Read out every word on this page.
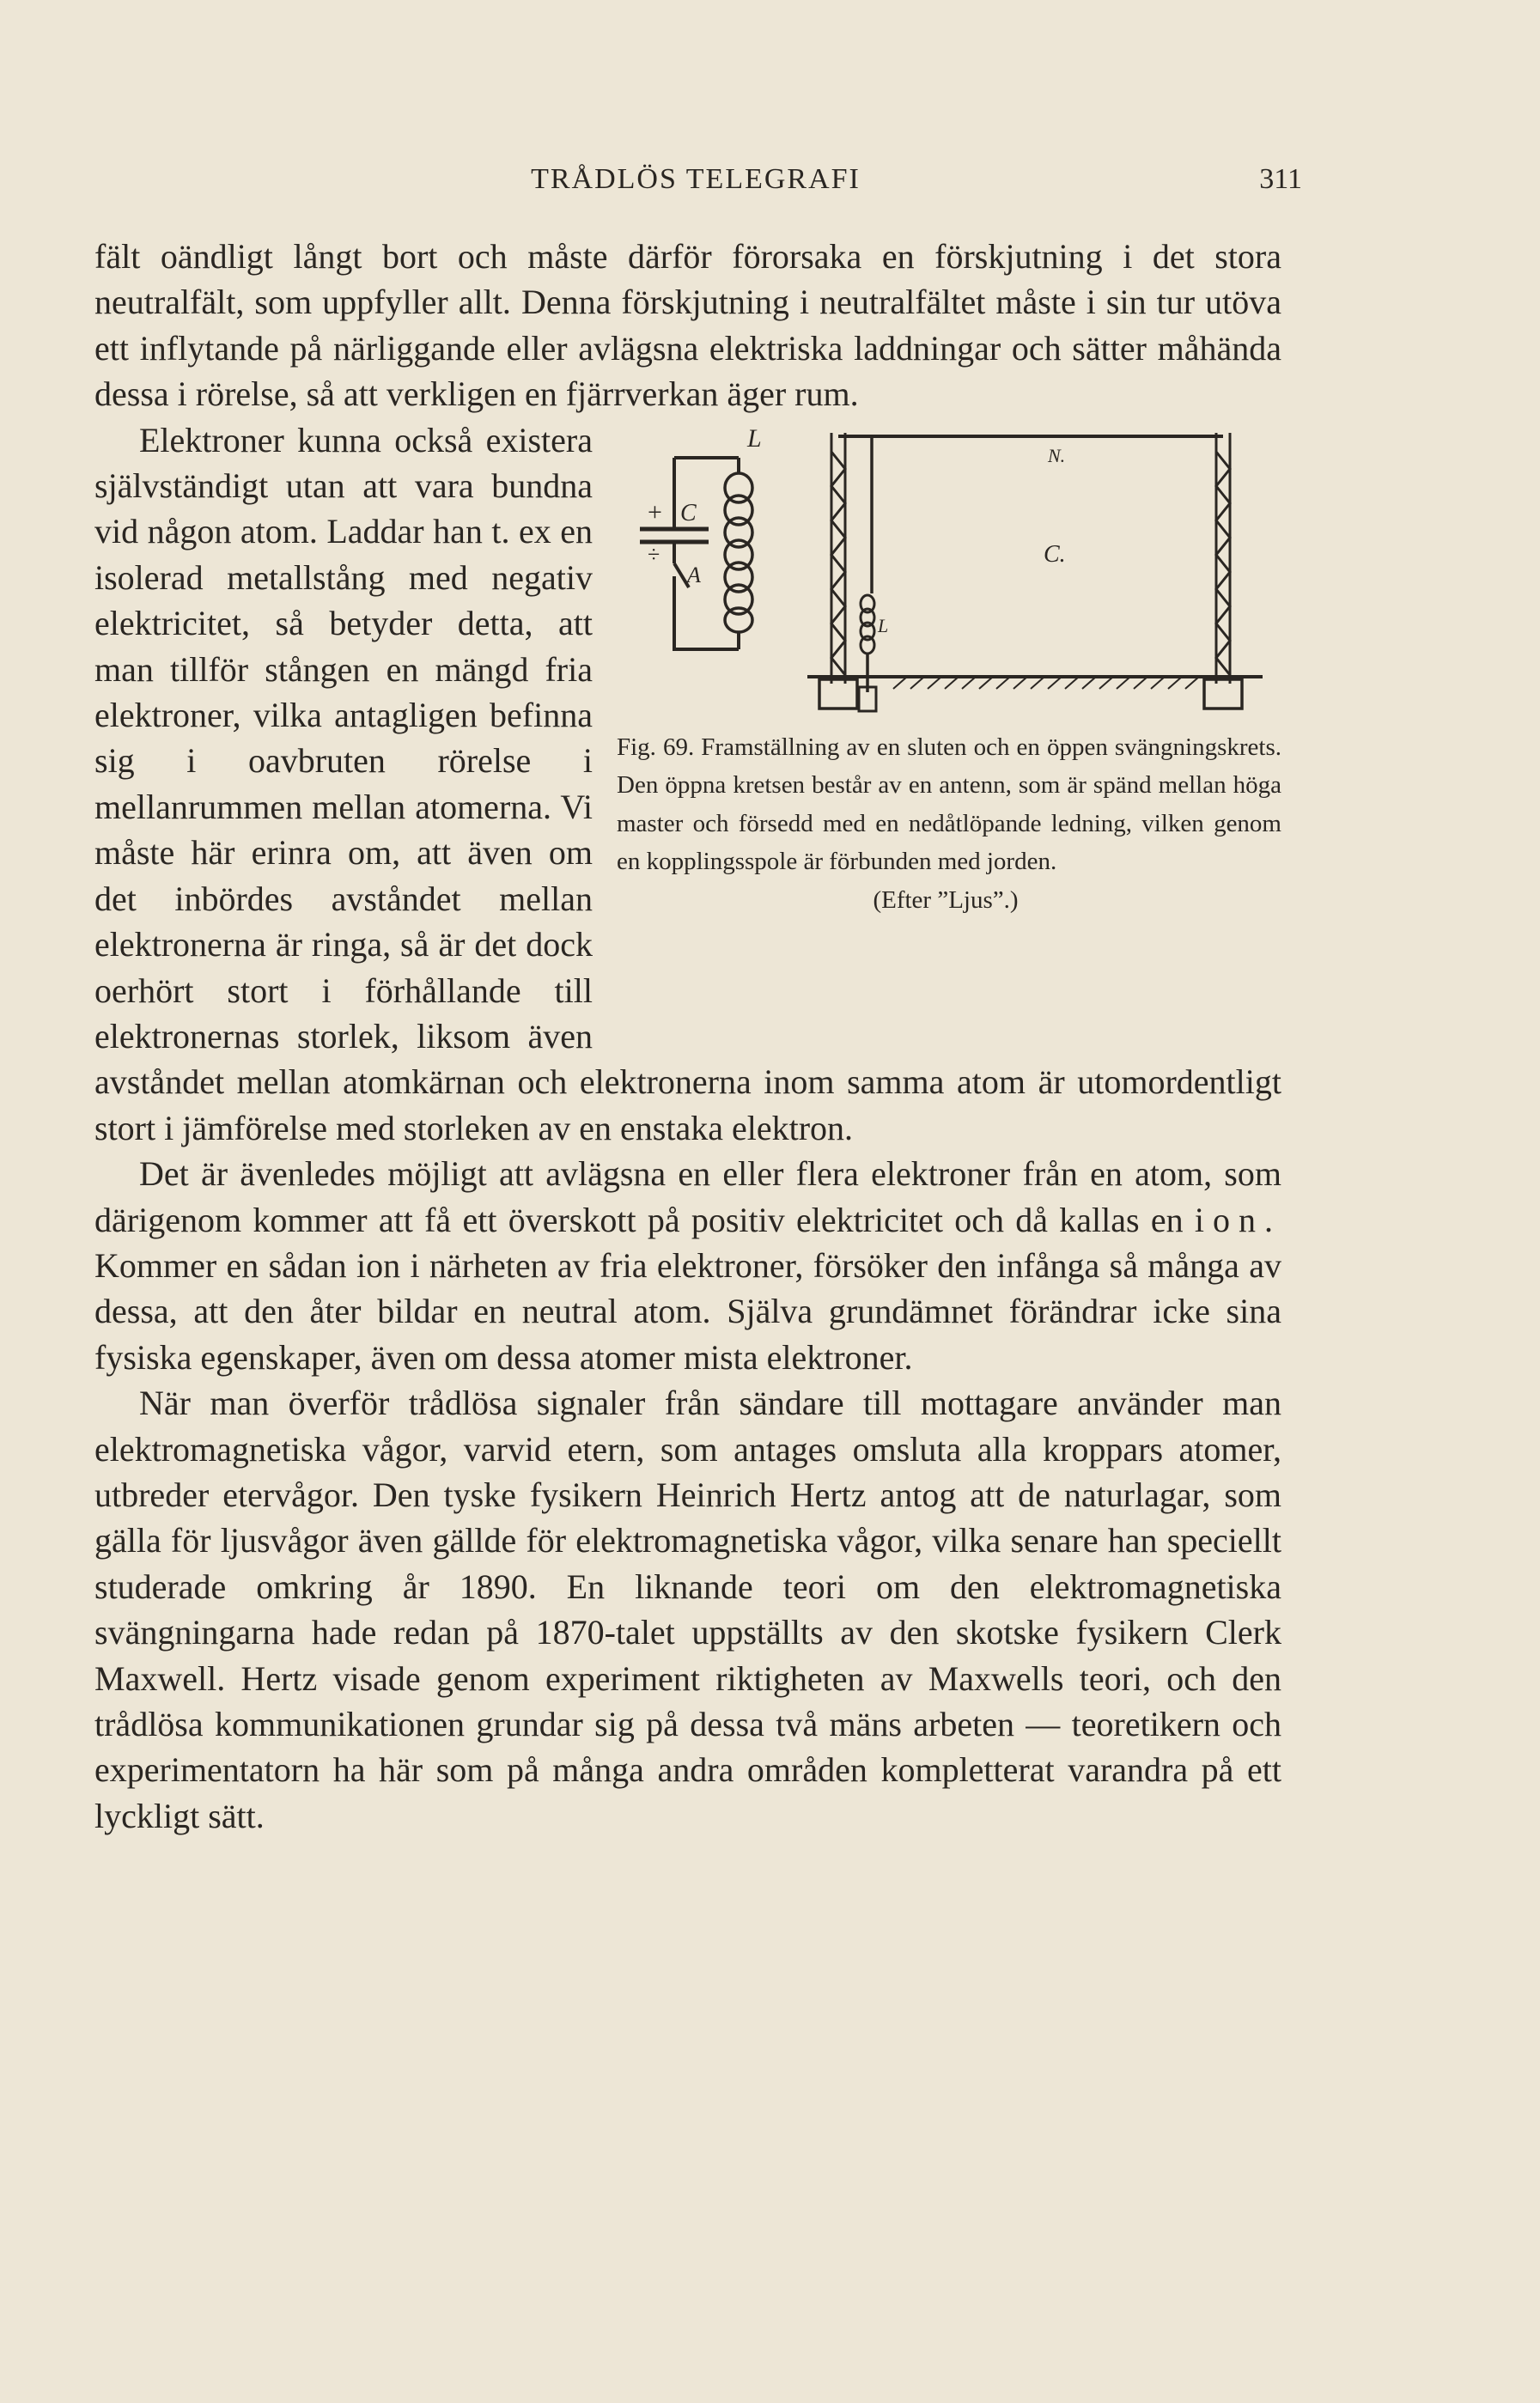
TRÅDLÖS TELEGRAFI	311

fält oändligt långt bort och måste därför förorsaka en förskjutning i det stora neutralfält, som uppfyller allt. Denna förskjutning i neutralfältet måste i sin tur utöva ett inflytande på närliggande eller avlägsna elektriska laddningar och sätter måhända dessa i rörelse, så att verkligen en fjärrverkan äger rum.

L
C
A
N.
C.
L
+
÷

Fig. 69. Framställning av en sluten och en öppen svängningskrets. Den öppna kretsen består av en antenn, som är spänd mellan höga master och försedd med en nedåtlöpande ledning, vilken genom en kopplingsspole är förbunden med jorden.

(Efter ”Ljus”.)

Elektroner kunna också existera självständigt utan att vara bundna vid någon atom. Laddar han t. ex en isolerad metallstång med negativ elektricitet, så betyder detta, att man tillför stången en mängd fria elektroner, vilka antagligen befinna sig i oavbruten rörelse i mellanrummen mellan atomerna. Vi måste här erinra om, att även om det inbördes avståndet mellan elektronerna är ringa, så är det dock oerhört stort i förhållande till elektronernas storlek, liksom även avståndet mellan atomkärnan och elektronerna inom samma atom är utomordentligt stort i jämförelse med storleken av en enstaka elektron.

Det är ävenledes möjligt att avlägsna en eller flera elektroner från en atom, som därigenom kommer att få ett överskott på positiv elektricitet och då kallas en ion. Kommer en sådan ion i närheten av fria elektroner, försöker den infånga så många av dessa, att den åter bildar en neutral atom. Själva grundämnet förändrar icke sina fysiska egenskaper, även om dessa atomer mista elektroner.

När man överför trådlösa signaler från sändare till mottagare använder man elektromagnetiska vågor, varvid etern, som antages omsluta alla kroppars atomer, utbreder etervågor. Den tyske fysikern Heinrich Hertz antog att de naturlagar, som gälla för ljusvågor även gällde för elektromagnetiska vågor, vilka senare han speciellt studerade omkring år 1890. En liknande teori om den elektromagnetiska svängningarna hade redan på 1870-talet uppställts av den skotske fysikern Clerk Maxwell. Hertz visade genom experiment riktigheten av Maxwells teori, och den trådlösa kommunikationen grundar sig på dessa två mäns arbeten — teoretikern och experimentatorn ha här som på många andra områden kompletterat varandra på ett lyckligt sätt.
